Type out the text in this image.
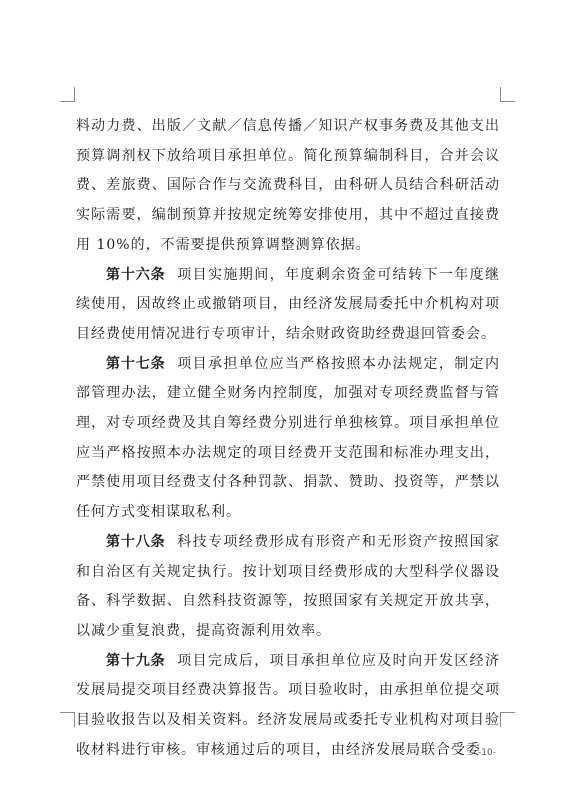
料动力费、出版／文献／信息传播／知识产权事务费及其他支出预算调剂权下放给项目承担单位。简化预算编制科目，合并会议费、差旅费、国际合作与交流费科目，由科研人员结合科研活动实际需要，编制预算并按规定统筹安排使用，其中不超过直接费用 10%的，不需要提供预算调整测算依据。

第十六条 项目实施期间，年度剩余资金可结转下一年度继续使用，因故终止或撤销项目，由经济发展局委托中介机构对项目经费使用情况进行专项审计，结余财政资助经费退回管委会。

第十七条 项目承担单位应当严格按照本办法规定，制定内部管理办法，建立健全财务内控制度，加强对专项经费监督与管理，对专项经费及其自筹经费分别进行单独核算。项目承担单位应当严格按照本办法规定的项目经费开支范围和标准办理支出，严禁使用项目经费支付各种罚款、捐款、赞助、投资等，严禁以任何方式变相谋取私利。

第十八条 科技专项经费形成有形资产和无形资产按照国家和自治区有关规定执行。按计划项目经费形成的大型科学仪器设备、科学数据、自然科技资源等，按照国家有关规定开放共享，以减少重复浪费，提高资源利用效率。

第十九条 项目完成后，项目承担单位应及时向开发区经济发展局提交项目经费决算报告。项目验收时，由承担单位提交项目验收报告以及相关资料。经济发展局或委托专业机构对项目验收材料进行审核。审核通过后的项目，由经济发展局联合受委

-10-
